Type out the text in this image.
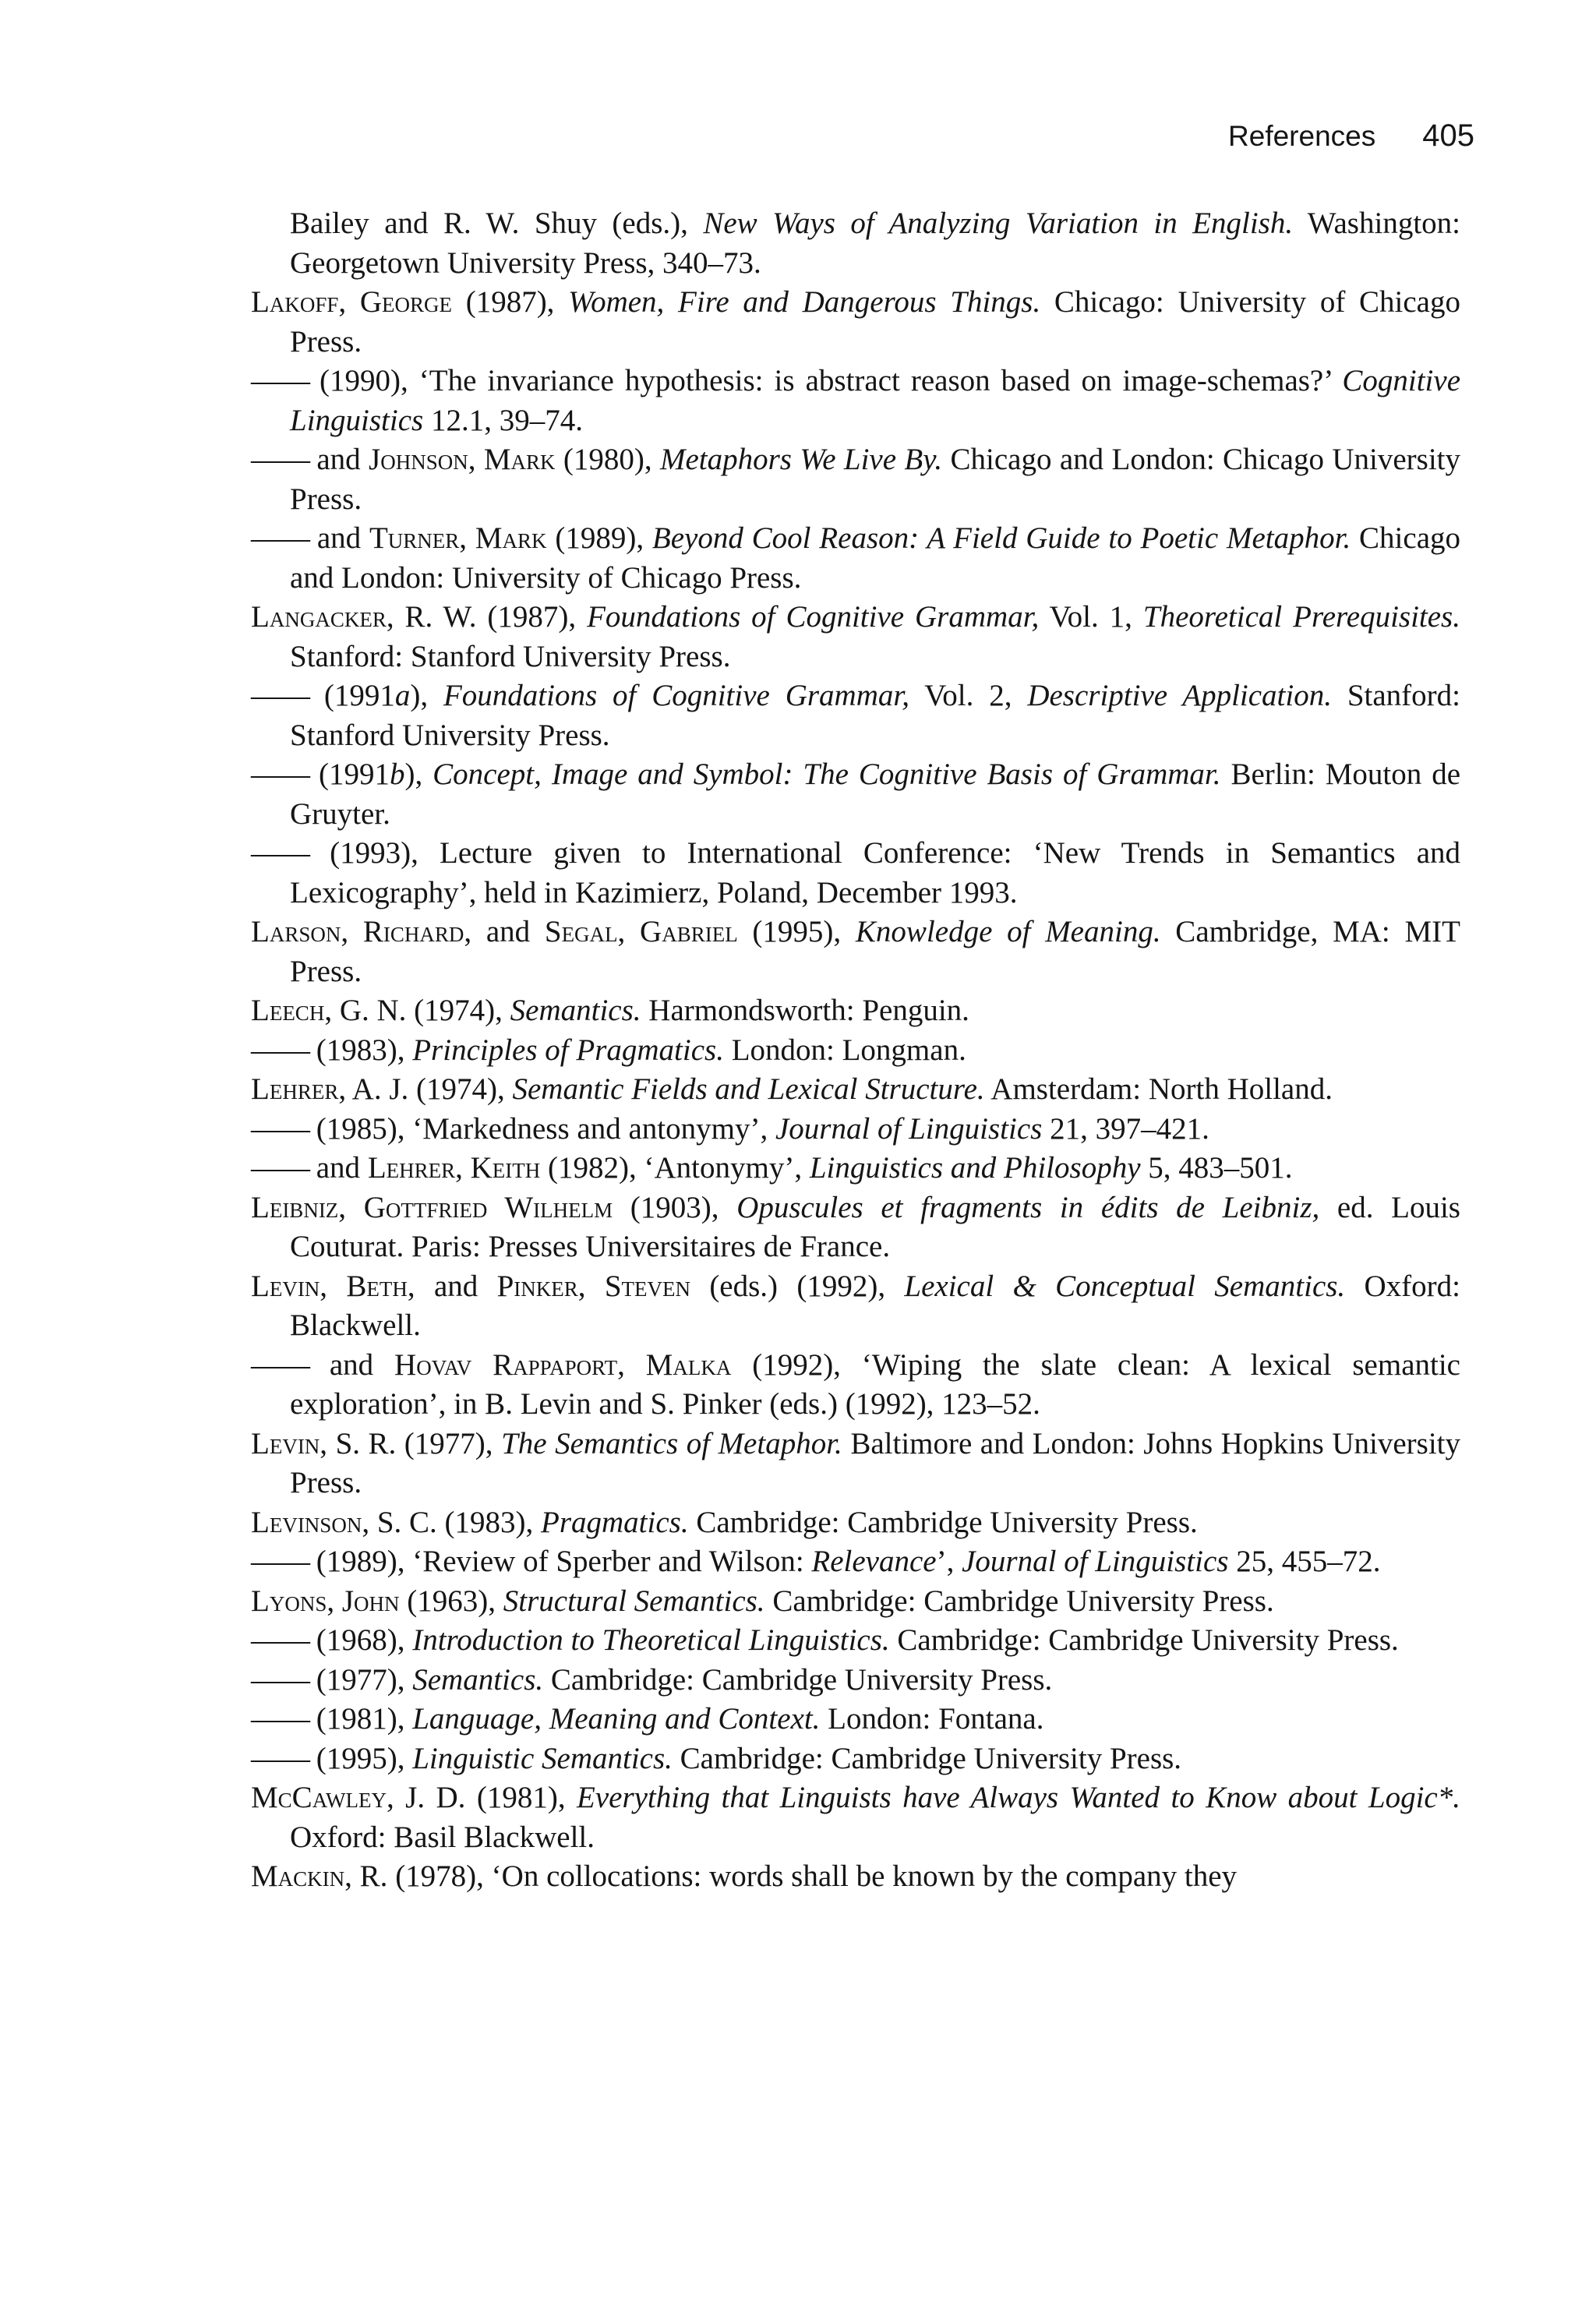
References 405
Bailey and R. W. Shuy (eds.), New Ways of Analyzing Variation in English. Washington: Georgetown University Press, 340–73.
Lakoff, George (1987), Women, Fire and Dangerous Things. Chicago: University of Chicago Press.
—— (1990), ‘The invariance hypothesis: is abstract reason based on image-schemas?’ Cognitive Linguistics 12.1, 39–74.
—— and Johnson, Mark (1980), Metaphors We Live By. Chicago and London: Chicago University Press.
—— and Turner, Mark (1989), Beyond Cool Reason: A Field Guide to Poetic Metaphor. Chicago and London: University of Chicago Press.
Langacker, R. W. (1987), Foundations of Cognitive Grammar, Vol. 1, Theoretical Prerequisites. Stanford: Stanford University Press.
—— (1991a), Foundations of Cognitive Grammar, Vol. 2, Descriptive Application. Stanford: Stanford University Press.
—— (1991b), Concept, Image and Symbol: The Cognitive Basis of Grammar. Berlin: Mouton de Gruyter.
—— (1993), Lecture given to International Conference: ‘New Trends in Semantics and Lexicography’, held in Kazimierz, Poland, December 1993.
Larson, Richard, and Segal, Gabriel (1995), Knowledge of Meaning. Cambridge, MA: MIT Press.
Leech, G. N. (1974), Semantics. Harmondsworth: Penguin.
—— (1983), Principles of Pragmatics. London: Longman.
Lehrer, A. J. (1974), Semantic Fields and Lexical Structure. Amsterdam: North Holland.
—— (1985), ‘Markedness and antonymy’, Journal of Linguistics 21, 397–421.
—— and Lehrer, Keith (1982), ‘Antonymy’, Linguistics and Philosophy 5, 483–501.
Leibniz, Gottfried Wilhelm (1903), Opuscules et fragments in édits de Leibniz, ed. Louis Couturat. Paris: Presses Universitaires de France.
Levin, Beth, and Pinker, Steven (eds.) (1992), Lexical & Conceptual Semantics. Oxford: Blackwell.
—— and Hovav Rappaport, Malka (1992), ‘Wiping the slate clean: A lexical semantic exploration’, in B. Levin and S. Pinker (eds.) (1992), 123–52.
Levin, S. R. (1977), The Semantics of Metaphor. Baltimore and London: Johns Hopkins University Press.
Levinson, S. C. (1983), Pragmatics. Cambridge: Cambridge University Press.
—— (1989), ‘Review of Sperber and Wilson: Relevance’, Journal of Linguistics 25, 455–72.
Lyons, John (1963), Structural Semantics. Cambridge: Cambridge University Press.
—— (1968), Introduction to Theoretical Linguistics. Cambridge: Cambridge University Press.
—— (1977), Semantics. Cambridge: Cambridge University Press.
—— (1981), Language, Meaning and Context. London: Fontana.
—— (1995), Linguistic Semantics. Cambridge: Cambridge University Press.
McCawley, J. D. (1981), Everything that Linguists have Always Wanted to Know about Logic*. Oxford: Basil Blackwell.
Mackin, R. (1978), ‘On collocations: words shall be known by the company they
